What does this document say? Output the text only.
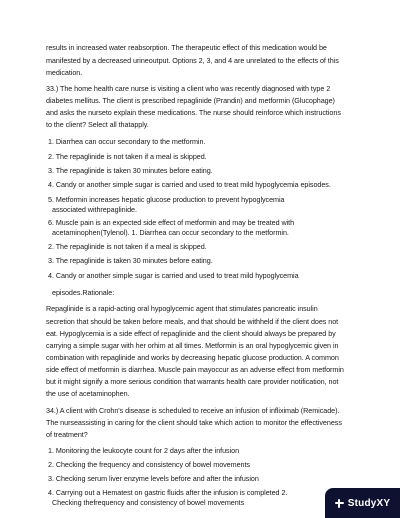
results in increased water reabsorption. The therapeutic effect of this medication would be
manifested by a decreased urineoutput. Options 2, 3, and 4 are unrelated to the effects of this
medication.
33.) The home health care nurse is visiting a client who was recently diagnosed with type 2
diabetes mellitus. The client is prescribed repaglinide (Prandin) and metformin (Glucophage)
and asks the nurseto explain these medications. The nurse should reinforce which instructions
to the client? Select all thatapply.
1. Diarrhea can occur secondary to the metformin.
2. The repaglinide is not taken if a meal is skipped.
3. The repaglinide is taken 30 minutes before eating.
4. Candy or another simple sugar is carried and used to treat mild hypoglycemia episodes.
5. Metformin increases hepatic glucose production to prevent hypoglycemia
associated withrepaglinide.
6. Muscle pain is an expected side effect of metformin and may be treated with
acetaminophen(Tylenol). 1. Diarrhea can occur secondary to the metformin.
2. The repaglinide is not taken if a meal is skipped.
3. The repaglinide is taken 30 minutes before eating.
4. Candy or another simple sugar is carried and used to treat mild hypoglycemia
episodes.Rationale:
Repaglinide is a rapid-acting oral hypoglycemic agent that stimulates pancreatic insulin
secretion that should be taken before meals, and that should be withheld if the client does not
eat. Hypoglycemia is a side effect of repaglinide and the client should always be prepared by
carrying a simple sugar with her orhim at all times. Metformin is an oral hypoglycemic given in
combination with repaglinide and works by decreasing hepatic glucose production. A common
side effect of metformin is diarrhea. Muscle pain mayoccur as an adverse effect from metformin
but it might signify a more serious condition that warrants health care provider notification, not
the use of acetaminophen.
34.) A client with Crohn's disease is scheduled to receive an infusion of infliximab (Remicade).
The nurseassisting in caring for the client should take which action to monitor the effectiveness
of treatment?
1. Monitoring the leukocyte count for 2 days after the infusion
2. Checking the frequency and consistency of bowel movements
3. Checking serum liver enzyme levels before and after the infusion
4. Carrying out a Hematest on gastric fluids after the infusion is completed 2.
Checking thefrequency and consistency of bowel movements	StudyXY
